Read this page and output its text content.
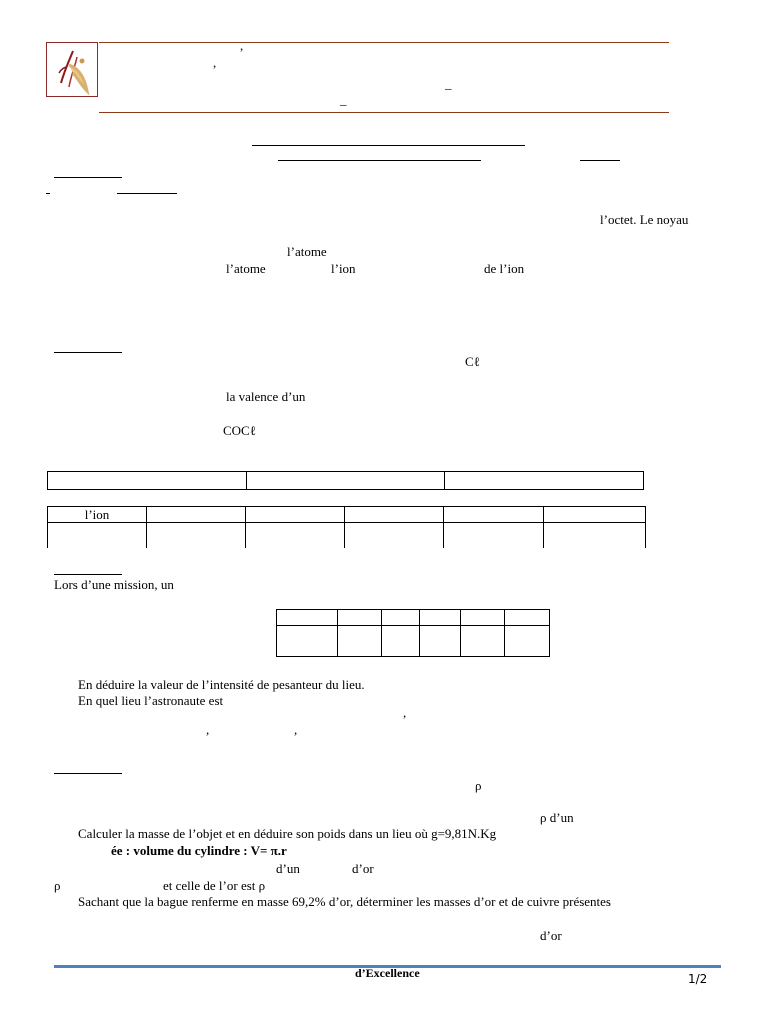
,
,
_
_
l’octet. Le noyau
l’atome
l’atome	l’ion	de l’ion
Cℓ
la valence d’un
COCℓ

l’ion					

Lors d’une mission, un

En déduire la valeur de l’intensité de pesanteur du lieu.
En quel lieu l’astronaute est
,
,	,
ρ
ρ d’un
Calculer la masse de l’objet et en déduire son poids dans un lieu où g=9,81N.Kg
ée : volume du cylindre : V= π.r
d’un	d’or
ρ	et celle de l’or est ρ
Sachant que la bague renferme en masse 69,2% d’or, déterminer les masses d’or et de cuivre présentes
d’or
d’Excellence	1/2
